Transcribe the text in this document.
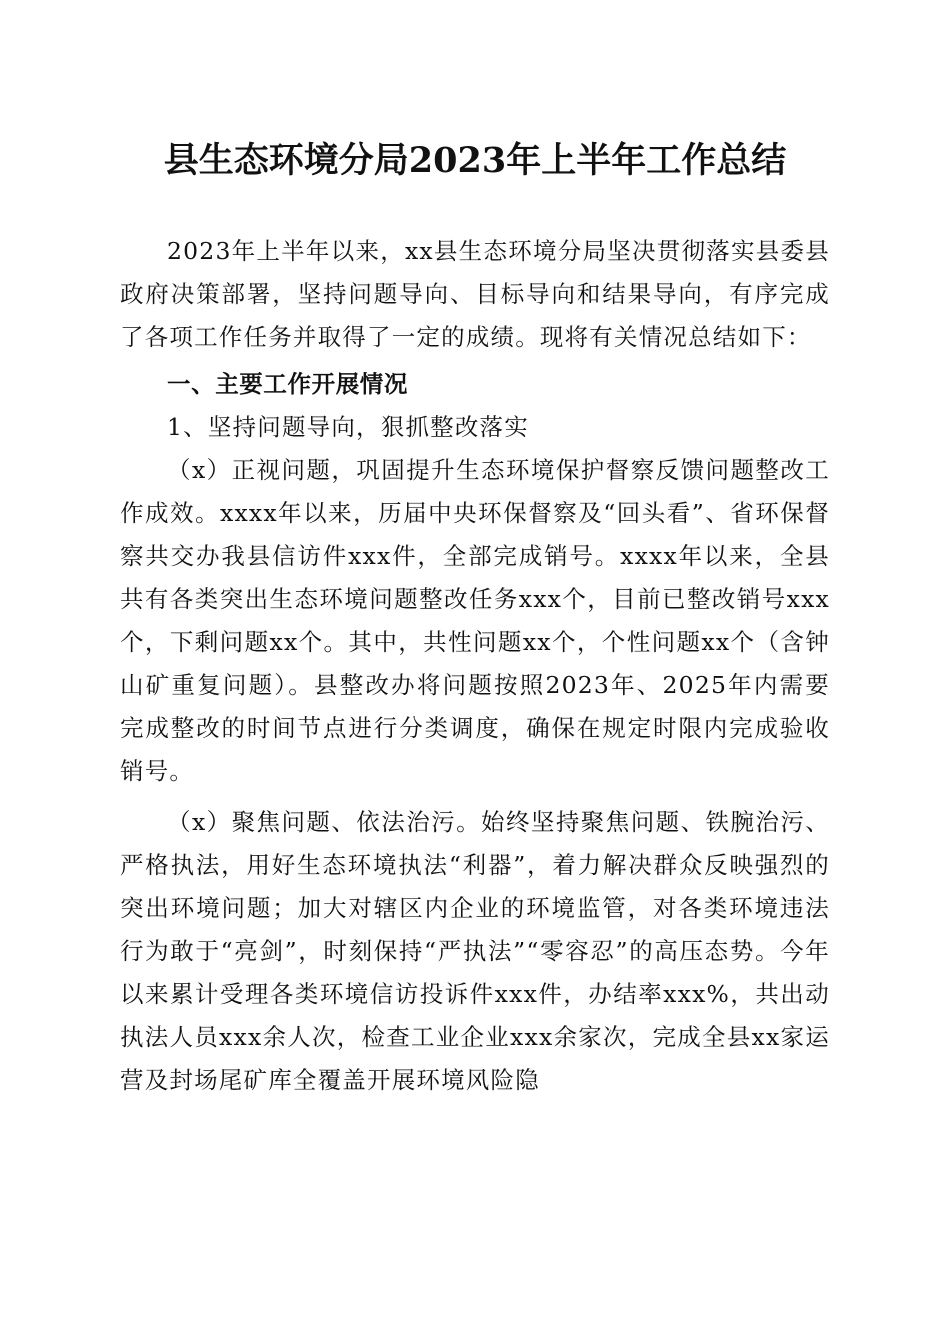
县生态环境分局2023年上半年工作总结

2023年上半年以来，xx县生态环境分局坚决贯彻落实县委县政府决策部署，坚持问题导向、目标导向和结果导向，有序完成了各项工作任务并取得了一定的成绩。现将有关情况总结如下：

一、主要工作开展情况

1、坚持问题导向，狠抓整改落实

（x）正视问题，巩固提升生态环境保护督察反馈问题整改工作成效。xxxx年以来，历届中央环保督察及“回头看”、省环保督察共交办我县信访件xxx件，全部完成销号。xxxx年以来，全县共有各类突出生态环境问题整改任务xxx个，目前已整改销号xxx个，下剩问题xx个。其中，共性问题xx个，个性问题xx个（含钟山矿重复问题）。县整改办将问题按照2023年、2025年内需要完成整改的时间节点进行分类调度，确保在规定时限内完成验收销号。

（x）聚焦问题、依法治污。始终坚持聚焦问题、铁腕治污、严格执法，用好生态环境执法“利器”，着力解决群众反映强烈的突出环境问题；加大对辖区内企业的环境监管，对各类环境违法行为敢于“亮剑”，时刻保持“严执法”“零容忍”的高压态势。今年以来累计受理各类环境信访投诉件xxx件，办结率xxx%，共出动执法人员xxx余人次，检查工业企业xxx余家次，完成全县xx家运营及封场尾矿库全覆盖开展环境风险隐
